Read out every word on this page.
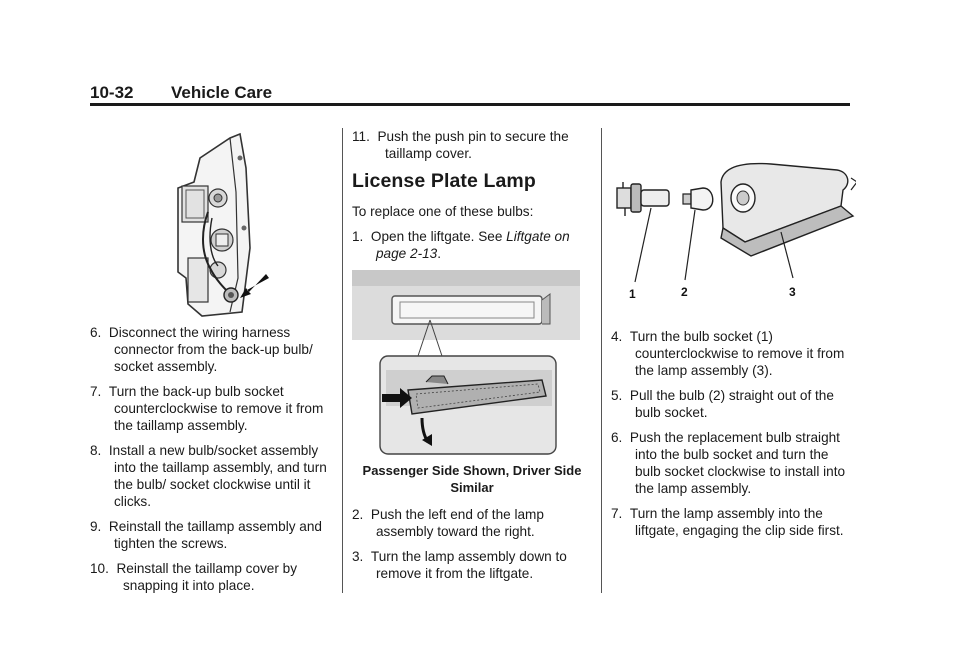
10-32 Vehicle Care
6.  Disconnect the wiring harness connector from the back-up bulb/ socket assembly.
7.  Turn the back-up bulb socket counterclockwise to remove it from the taillamp assembly.
8.  Install a new bulb/socket assembly into the taillamp assembly, and turn the bulb/ socket clockwise until it clicks.
9.  Reinstall the taillamp assembly and tighten the screws.
10.  Reinstall the taillamp cover by snapping it into place.
11.  Push the push pin to secure the taillamp cover.
License Plate Lamp
To replace one of these bulbs:
1.  Open the liftgate. See Liftgate on page 2-13.
Passenger Side Shown, Driver Side Similar
2.  Push the left end of the lamp assembly toward the right.
3.  Turn the lamp assembly down to remove it from the liftgate.
1	2	3
4.  Turn the bulb socket (1) counterclockwise to remove it from the lamp assembly (3).
5.  Pull the bulb (2) straight out of the bulb socket.
6.  Push the replacement bulb straight into the bulb socket and turn the bulb socket clockwise to install into the lamp assembly.
7.  Turn the lamp assembly into the liftgate, engaging the clip side first.
